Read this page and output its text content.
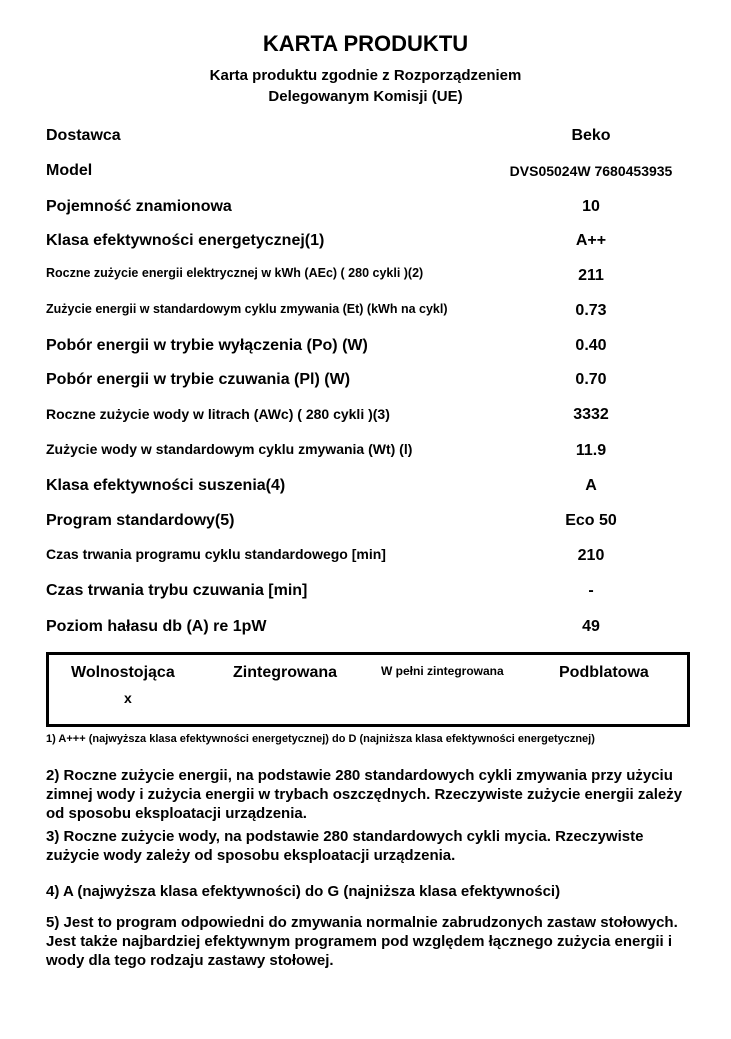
KARTA PRODUKTU
Karta produktu zgodnie z Rozporządzeniem
Delegowanym Komisji (UE)
Dostawca	Beko
Model	DVS05024W 7680453935
Pojemność znamionowa	10
Klasa efektywności energetycznej(1)	A++
Roczne zużycie energii elektrycznej w kWh (AEc) ( 280 cykli )(2)	211
Zużycie energii w standardowym cyklu zmywania (Et) (kWh na cykl)	0.73
Pobór energii w trybie wyłączenia (Po) (W)	0.40
Pobór energii w trybie czuwania (Pl) (W)	0.70
Roczne zużycie wody w litrach (AWc) ( 280 cykli )(3)	3332
Zużycie wody w standardowym cyklu zmywania (Wt) (l)	11.9
Klasa efektywności suszenia(4)	A
Program standardowy(5)	Eco 50
Czas trwania programu cyklu standardowego [min]	210
Czas trwania trybu czuwania [min]	-
Poziom hałasu db (A) re 1pW	49
Wolnostojąca	Zintegrowana	W pełni zintegrowana	Podblatowa
x
1) A+++ (najwyższa klasa efektywności energetycznej) do D (najniższa klasa efektywności energetycznej)
2) Roczne zużycie energii, na podstawie 280 standardowych cykli zmywania przy użyciu zimnej wody i zużycia energii w trybach oszczędnych. Rzeczywiste zużycie energii zależy od sposobu eksploatacji urządzenia.
3) Roczne zużycie wody, na podstawie 280 standardowych cykli mycia. Rzeczywiste zużycie wody zależy od sposobu eksploatacji urządzenia.
4) A (najwyższa klasa efektywności) do G (najniższa klasa efektywności)
5) Jest to program odpowiedni do zmywania normalnie zabrudzonych zastaw stołowych. Jest także najbardziej efektywnym programem pod względem łącznego zużycia energii i wody dla tego rodzaju zastawy stołowej.
